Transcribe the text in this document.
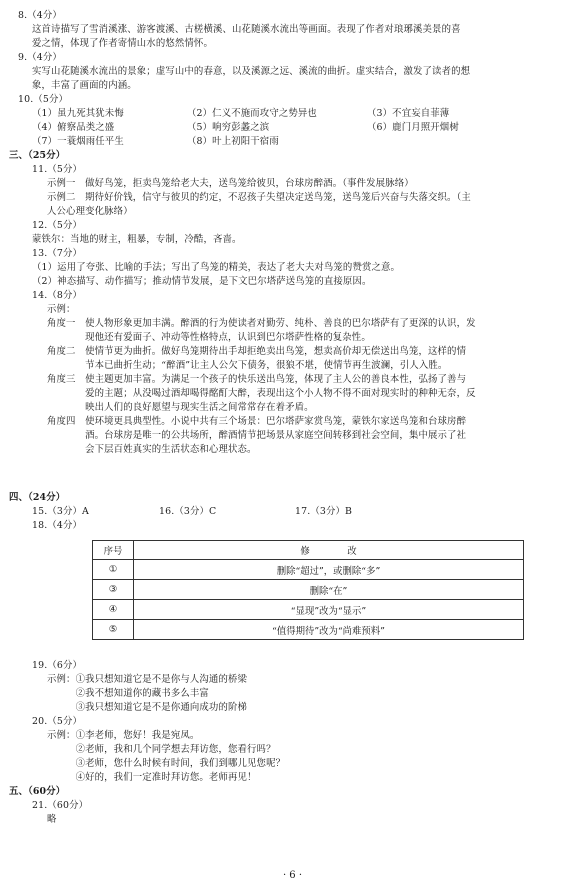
8.（4分）
这首诗描写了雪消溪涨、游客渡溪、古槎横溪、山花随溪水流出等画面。表现了作者对琅琊溪美景的喜
爱之情，体现了作者寄情山水的悠然情怀。
9.（4分）
实写山花随溪水流出的景象；虚写山中的春意，以及溪源之远、溪流的曲折。虚实结合，激发了读者的想
象，丰富了画面的内涵。
10.（5分）
（1）虽九死其犹未悔	（2）仁义不施而攻守之势异也	（3）不宜妄自菲薄
（4）俯察品类之盛	（5）响穷彭蠡之滨	（6）鹿门月照开烟树
（7）一蓑烟雨任平生	（8）叶上初阳干宿雨
三、（25分）
11.（5分）
示例一　做好鸟笼，拒卖鸟笼给老大夫，送鸟笼给彼贝，台球房醉酒。（事件发展脉络）
示例二　期待好价钱，信守与彼贝的约定，不忍孩子失望决定送鸟笼，送鸟笼后兴奋与失落交织。（主
人公心理变化脉络）
12.（5分）
蒙铁尔：当地的财主，粗暴，专制，冷酷，吝啬。
13.（7分）
（1）运用了夸张、比喻的手法；写出了鸟笼的精美，表达了老大夫对鸟笼的赞赏之意。
（2）神态描写、动作描写；推动情节发展，是下文巴尔塔萨送鸟笼的直接原因。
14.（8分）
示例：
角度一　使人物形象更加丰满。醉酒的行为使读者对勤劳、纯朴、善良的巴尔塔萨有了更深的认识，发
　　　　现他还有爱面子、冲动等性格特点，认识到巴尔塔萨性格的复杂性。
角度二　使情节更为曲折。做好鸟笼期待出手却拒绝卖出鸟笼，想卖高价却无偿送出鸟笼，这样的情
　　　　节本已曲折生动；“醉酒”让主人公欠下债务，很狼不堪，使情节再生波澜，引人入胜。
角度三　使主题更加丰富。为满足一个孩子的快乐送出鸟笼，体现了主人公的善良本性，弘扬了善与
　　　　爱的主题；从没喝过酒却喝得酩酊大醉，表现出这个小人物不得不面对现实时的种种无奈，反
　　　　映出人们的良好愿望与现实生活之间常常存在着矛盾。
角度四　使环境更具典型性。小说中共有三个场景：巴尔塔萨家赏鸟笼，蒙铁尔家送鸟笼和台球房醉
　　　　酒。台球房是唯一的公共场所，醉酒情节把场景从家庭空间转移到社会空间，集中展示了社
　　　　会下层百姓真实的生活状态和心理状态。
四、（24分）
15.（3分）A	16.（3分）C	17.（3分）B
18.（4分）
19.（6分）
示例：①我只想知道它是不是你与人沟通的桥梁
　　　②我不想知道你的藏书多么丰富
　　　③我只想知道它是不是你通向成功的阶梯
20.（5分）
示例：①李老师，您好！我是宛凤。
　　　②老师，我和几个同学想去拜访您，您看行吗？
　　　③老师，您什么时候有时间，我们到哪儿见您呢？
　　　④好的，我们一定准时拜访您。老师再见！
五、（60分）
21.（60分）
略
序号	修　　　　改
①	删除“超过”，或删除“多”
③	删除“在”
④	“显现”改为“显示”
⑤	“值得期待”改为“尚难预料”
· 6 ·
